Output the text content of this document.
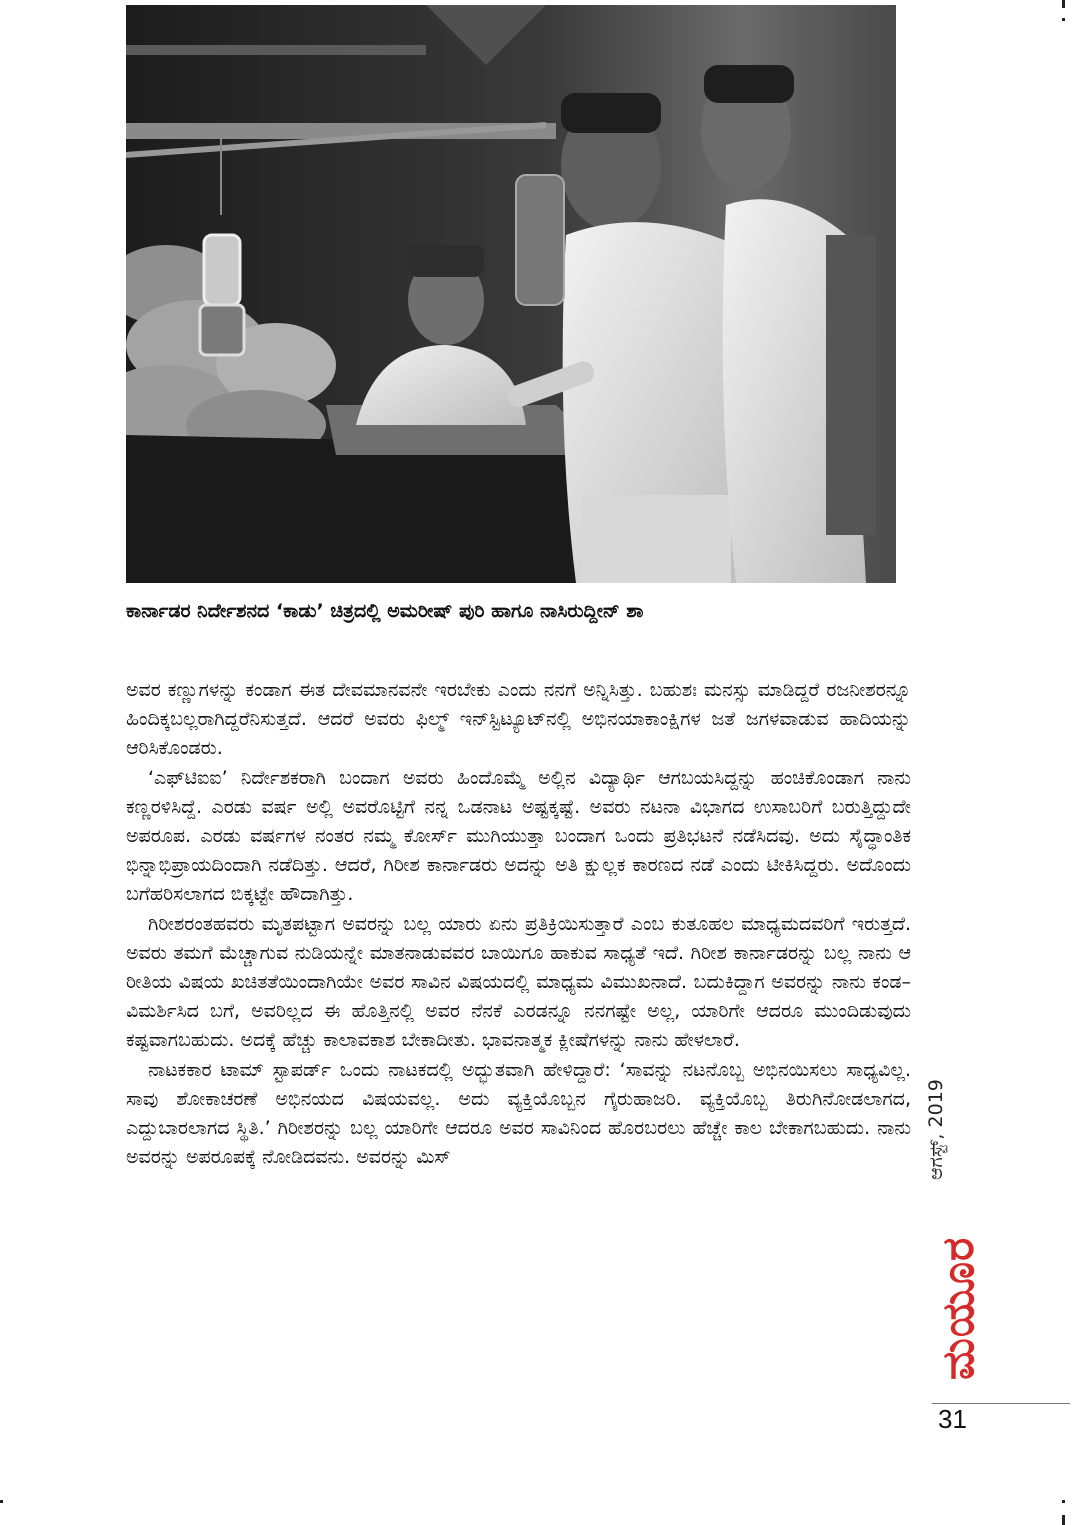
ಕಾರ್ನಾಡರ ನಿರ್ದೇಶನದ ‘ಕಾಡು’ ಚಿತ್ರದಲ್ಲಿ ಅಮರೀಷ್ ಪುರಿ ಹಾಗೂ ನಾಸಿರುದ್ದೀನ್ ಶಾ

ಅವರ ಕಣ್ಣುಗಳನ್ನು ಕಂಡಾಗ ಈತ ದೇವಮಾನವನೇ ಇರಬೇಕು ಎಂದು ನನಗೆ ಅನ್ನಿಸಿತ್ತು. ಬಹುಶಃ ಮನಸ್ಸು ಮಾಡಿದ್ದರೆ ರಜನೀಶರನ್ನೂ ಹಿಂದಿಕ್ಕಬಲ್ಲರಾಗಿದ್ದರೆನಿಸುತ್ತದೆ. ಆದರೆ ಅವರು ಫಿಲ್ಮ್ ಇನ್‌ಸ್ಟಿಟ್ಯೂಟ್‌ನಲ್ಲಿ ಅಭಿನಯಾಕಾಂಕ್ಷಿಗಳ ಜತೆ ಜಗಳವಾಡುವ ಹಾದಿಯನ್ನು ಆರಿಸಿಕೊಂಡರು.

‘ಎಫ್‌ಟಿಐಐ’ ನಿರ್ದೇಶಕರಾಗಿ ಬಂದಾಗ ಅವರು ಹಿಂದೊಮ್ಮೆ ಅಲ್ಲಿನ ವಿದ್ಯಾರ್ಥಿ ಆಗಬಯಸಿದ್ದನ್ನು ಹಂಚಿಕೊಂಡಾಗ ನಾನು ಕಣ್ಣರಳಿಸಿದ್ದೆ. ಎರಡು ವರ್ಷ ಅಲ್ಲಿ ಅವರೊಟ್ಟಿಗೆ ನನ್ನ ಒಡನಾಟ ಅಷ್ಟಕ್ಕಷ್ಟೆ. ಅವರು ನಟನಾ ವಿಭಾಗದ ಉಸಾಬರಿಗೆ ಬರುತ್ತಿದ್ದುದೇ ಅಪರೂಪ. ಎರಡು ವರ್ಷಗಳ ನಂತರ ನಮ್ಮ ಕೋರ್ಸ್ ಮುಗಿಯುತ್ತಾ ಬಂದಾಗ ಒಂದು ಪ್ರತಿಭಟನೆ ನಡೆಸಿದವು. ಅದು ಸೈದ್ಧಾಂತಿಕ ಭಿನ್ನಾಭಿಪ್ರಾಯದಿಂದಾಗಿ ನಡೆದಿತ್ತು. ಆದರೆ, ಗಿರೀಶ ಕಾರ್ನಾಡರು ಅದನ್ನು ಅತಿ ಕ್ಷುಲ್ಲಕ ಕಾರಣದ ನಡೆ ಎಂದು ಟೀಕಿಸಿದ್ದರು. ಅದೊಂದು ಬಗೆಹರಿಸಲಾಗದ ಬಿಕ್ಕಟ್ಟೇ ಹೌದಾಗಿತ್ತು.

ಗಿರೀಶರಂತಹವರು ಮೃತಪಟ್ಟಾಗ ಅವರನ್ನು ಬಲ್ಲ ಯಾರು ಏನು ಪ್ರತಿಕ್ರಿಯಿಸುತ್ತಾರೆ ಎಂಬ ಕುತೂಹಲ ಮಾಧ್ಯಮದವರಿಗೆ ಇರುತ್ತದೆ. ಅವರು ತಮಗೆ ಮೆಚ್ಚಾಗುವ ನುಡಿಯನ್ನೇ ಮಾತನಾಡುವವರ ಬಾಯಿಗೂ ಹಾಕುವ ಸಾಧ್ಯತೆ ಇದೆ. ಗಿರೀಶ ಕಾರ್ನಾಡರನ್ನು ಬಲ್ಲ ನಾನು ಆ ರೀತಿಯ ವಿಷಯ ಖಚಿತತೆಯಿಂದಾಗಿಯೇ ಅವರ ಸಾವಿನ ವಿಷಯದಲ್ಲಿ ಮಾಧ್ಯಮ ವಿಮುಖನಾದೆ. ಬದುಕಿದ್ದಾಗ ಅವರನ್ನು ನಾನು ಕಂಡ–ವಿಮರ್ಶಿಸಿದ ಬಗೆ, ಅವರಿಲ್ಲದ ಈ ಹೊತ್ತಿನಲ್ಲಿ ಅವರ ನೆನಕೆ ಎರಡನ್ನೂ ನನಗಷ್ಟೇ ಅಲ್ಲ, ಯಾರಿಗೇ ಆದರೂ ಮುಂದಿಡುವುದು ಕಷ್ಟವಾಗಬಹುದು. ಅದಕ್ಕೆ ಹೆಚ್ಚು ಕಾಲಾವಕಾಶ ಬೇಕಾದೀತು. ಭಾವನಾತ್ಮಕ ಕ್ಲೀಷೆಗಳನ್ನು ನಾನು ಹೇಳಲಾರೆ.

ನಾಟಕಕಾರ ಟಾಮ್ ಸ್ಟಾಪರ್ಡ್ ಒಂದು ನಾಟಕದಲ್ಲಿ ಅದ್ಭುತವಾಗಿ ಹೇಳಿದ್ದಾರೆ: ‘ಸಾವನ್ನು ನಟನೊಬ್ಬ ಅಭಿನಯಿಸಲು ಸಾಧ್ಯವಿಲ್ಲ. ಸಾವು ಶೋಕಾಚರಣೆ ಅಭಿನಯದ ವಿಷಯವಲ್ಲ. ಅದು ವ್ಯಕ್ತಿಯೊಬ್ಬನ ಗೈರುಹಾಜರಿ. ವ್ಯಕ್ತಿಯೊಬ್ಬ ತಿರುಗಿನೋಡಲಾಗದ, ಎದ್ದುಬಾರಲಾಗದ ಸ್ಥಿತಿ.’ ಗಿರೀಶರನ್ನು ಬಲ್ಲ ಯಾರಿಗೇ ಆದರೂ ಅವರ ಸಾವಿನಿಂದ ಹೊರಬರಲು ಹೆಚ್ಚೇ ಕಾಲ ಬೇಕಾಗಬಹುದು. ನಾನು ಅವರನ್ನು ಅಪರೂಪಕ್ಕೆ ನೋಡಿದವನು. ಅವರನ್ನು ಮಿಸ್	ಆಗಸ್ಟ್, 2019
ಮಯೂರ
31
